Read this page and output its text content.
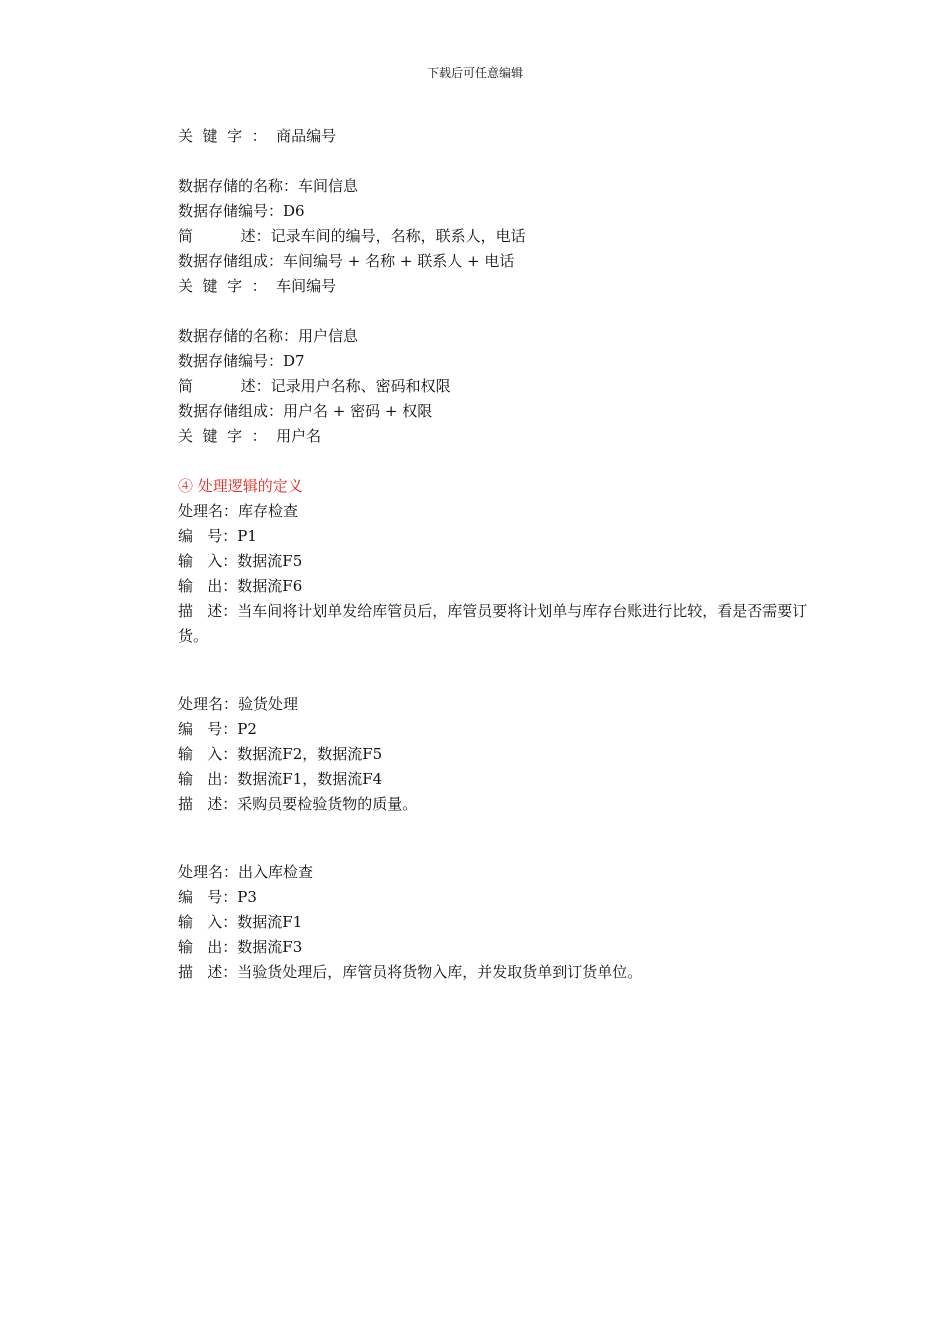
下载后可任意编辑
关  键  字  ：  商品编号
数据存储的名称：车间信息
数据存储编号：D6
简          述：记录车间的编号，名称，联系人，电话
数据存储组成：车间编号 + 名称 + 联系人 + 电话
关  键  字  ：  车间编号
数据存储的名称：用户信息
数据存储编号：D7
简          述：记录用户名称、密码和权限
数据存储组成：用户名 + 密码 + 权限
关  键  字  ：  用户名
④ 处理逻辑的定义
处理名：库存检查
编   号：P1
输   入：数据流F5
输   出：数据流F6
描   述：当车间将计划单发给库管员后，库管员要将计划单与库存台账进行比较，看是否需要订货。
处理名：验货处理
编   号：P2
输   入：数据流F2，数据流F5
输   出：数据流F1，数据流F4
描   述：采购员要检验货物的质量。
处理名：出入库检查
编   号：P3
输   入：数据流F1
输   出：数据流F3
描   述：当验货处理后，库管员将货物入库，并发取货单到订货单位。
